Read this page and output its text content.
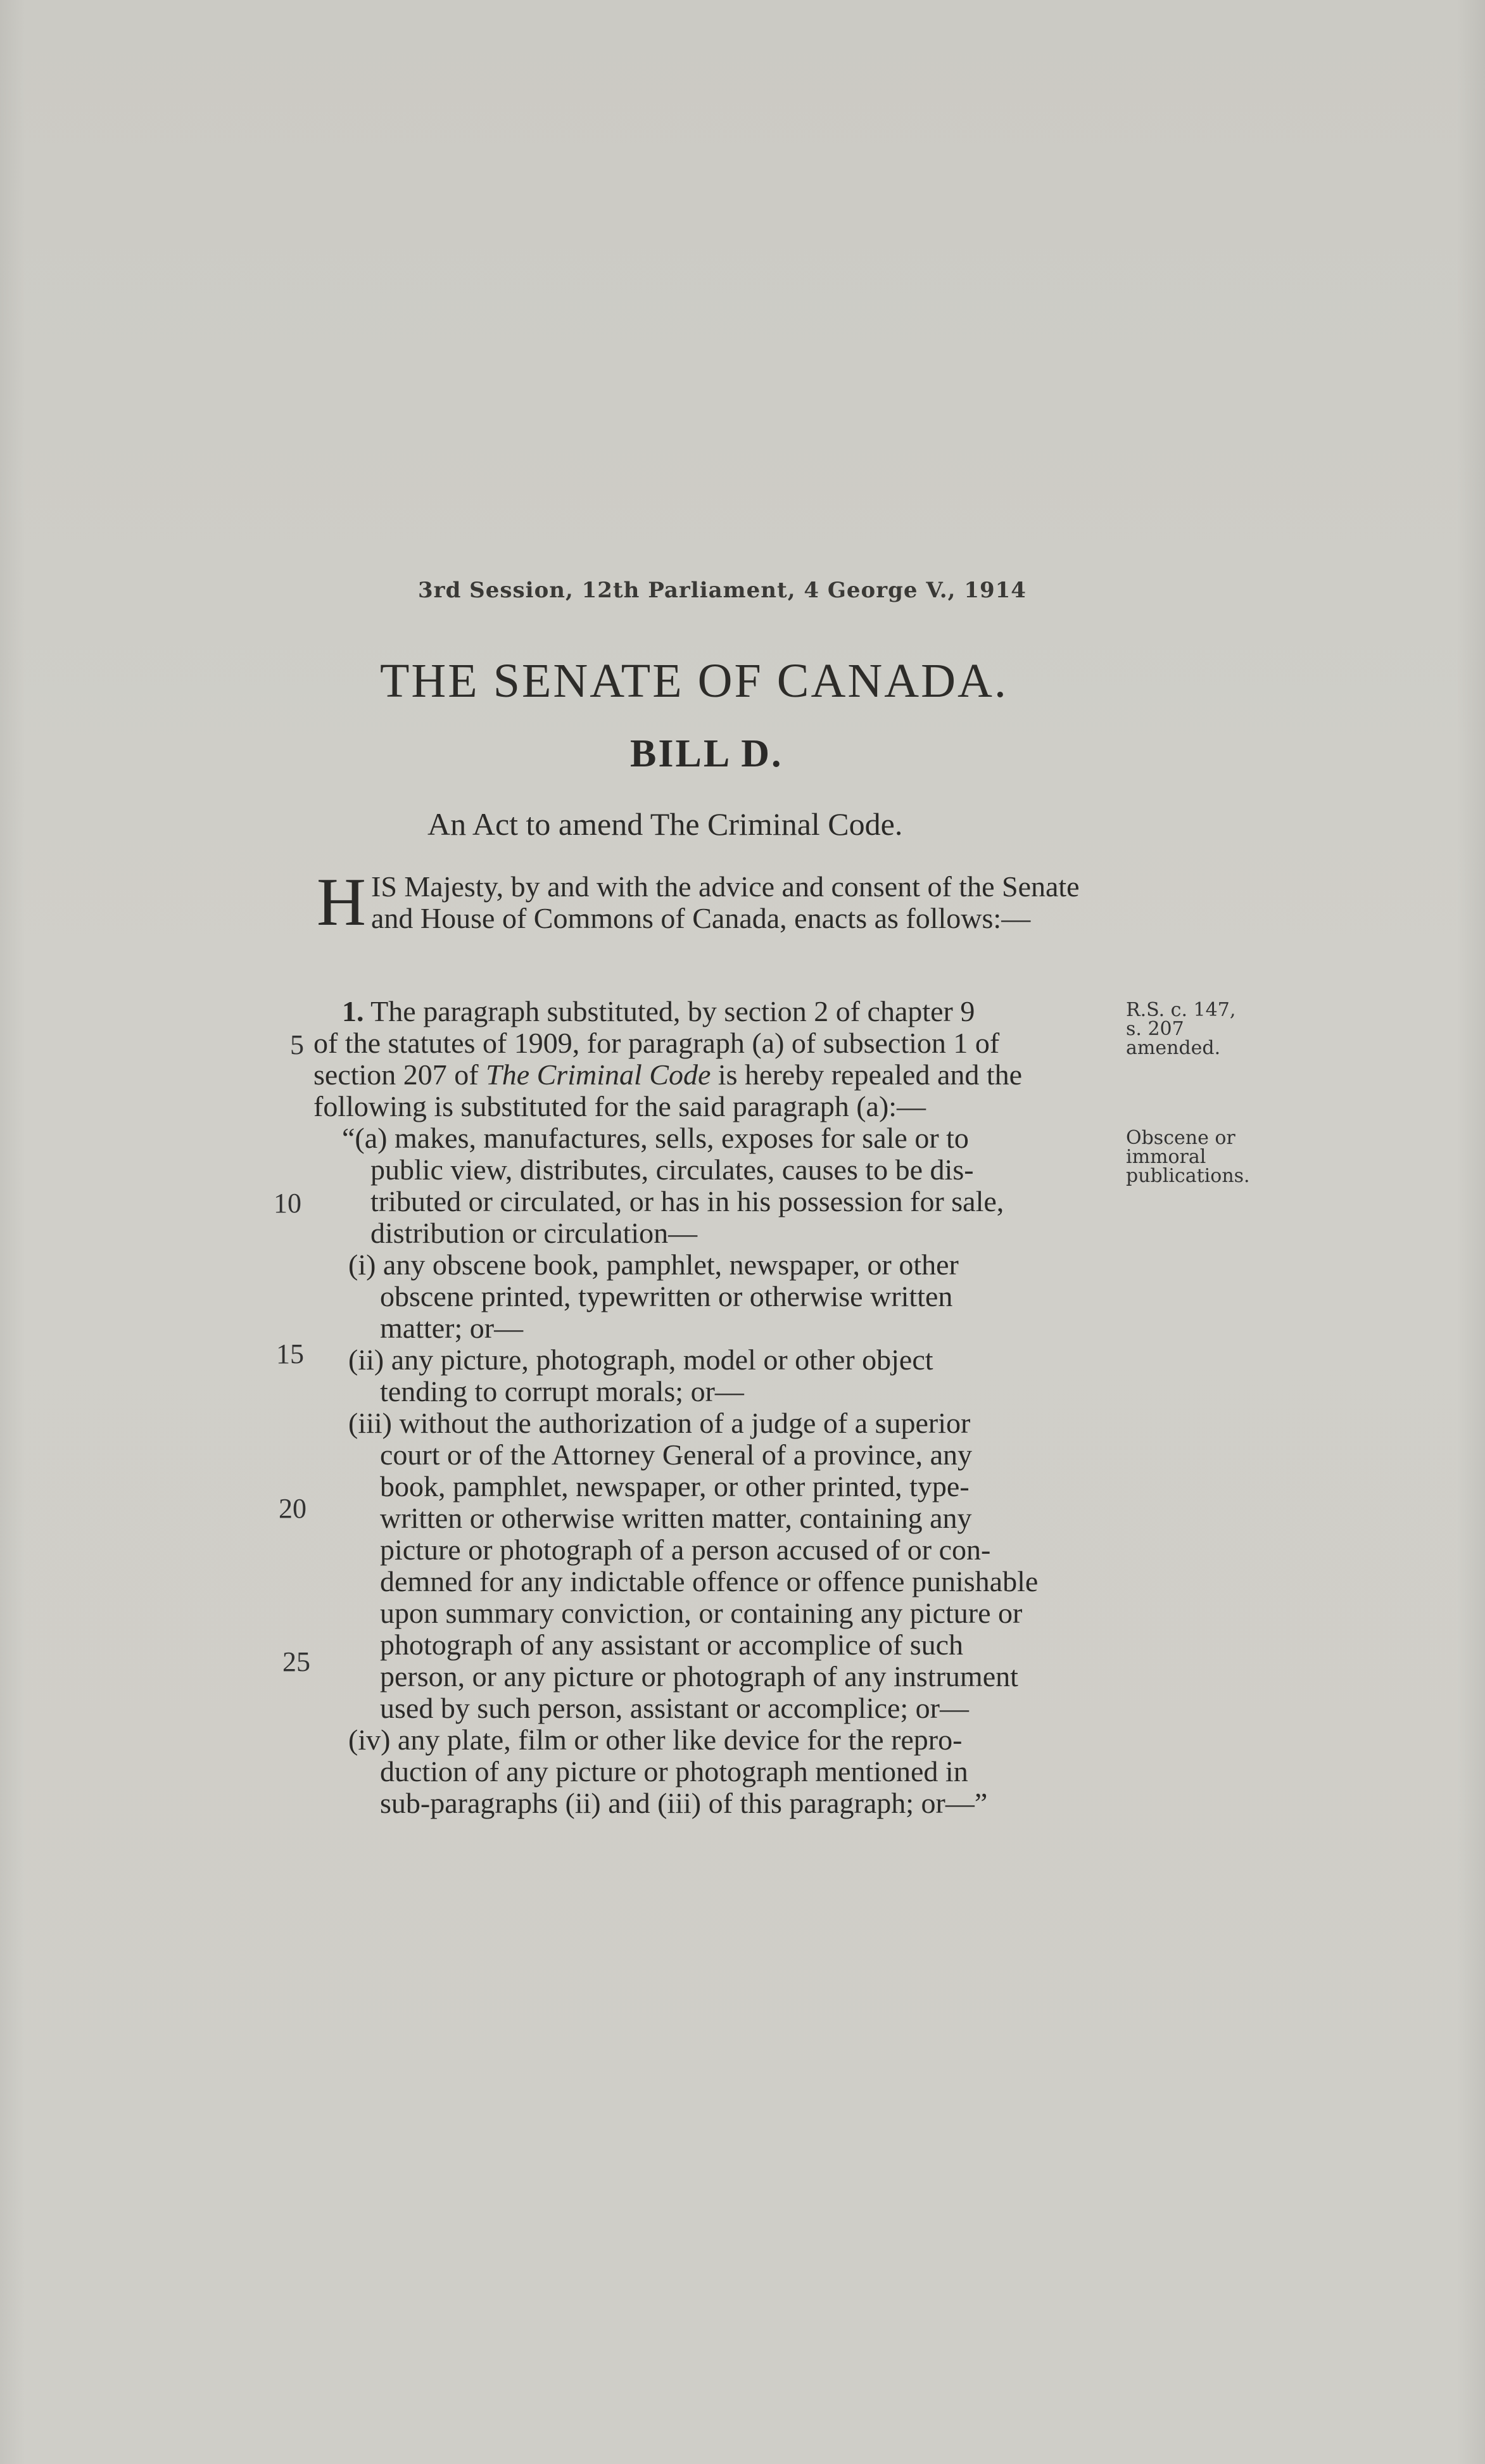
3rd Session, 12th Parliament, 4 George V., 1914
THE SENATE OF CANADA.
BILL D.
An Act to amend The Criminal Code.
H IS Majesty, by and with the advice and consent of the Senate and House of Commons of Canada, enacts as follows:—
1. The paragraph substituted, by section 2 of chapter 9
of the statutes of 1909, for paragraph (a) of subsection 1 of
section 207 of The Criminal Code is hereby repealed and the
following is substituted for the said paragraph (a):—
“(a) makes, manufactures, sells, exposes for sale or to
public view, distributes, circulates, causes to be dis-
tributed or circulated, or has in his possession for sale,
distribution or circulation—
(i) any obscene book, pamphlet, newspaper, or other
obscene printed, typewritten or otherwise written
matter; or—
(ii) any picture, photograph, model or other object
tending to corrupt morals; or—
(iii) without the authorization of a judge of a superior
court or of the Attorney General of a province, any
book, pamphlet, newspaper, or other printed, type-
written or otherwise written matter, containing any
picture or photograph of a person accused of or con-
demned for any indictable offence or offence punishable
upon summary conviction, or containing any picture or
photograph of any assistant or accomplice of such
person, or any picture or photograph of any instrument
used by such person, assistant or accomplice; or—
(iv) any plate, film or other like device for the repro-
duction of any picture or photograph mentioned in
sub-paragraphs (ii) and (iii) of this paragraph; or—”
5
10
15
20
25
R.S. c. 147,
s. 207
amended.
Obscene or
immoral
publications.
